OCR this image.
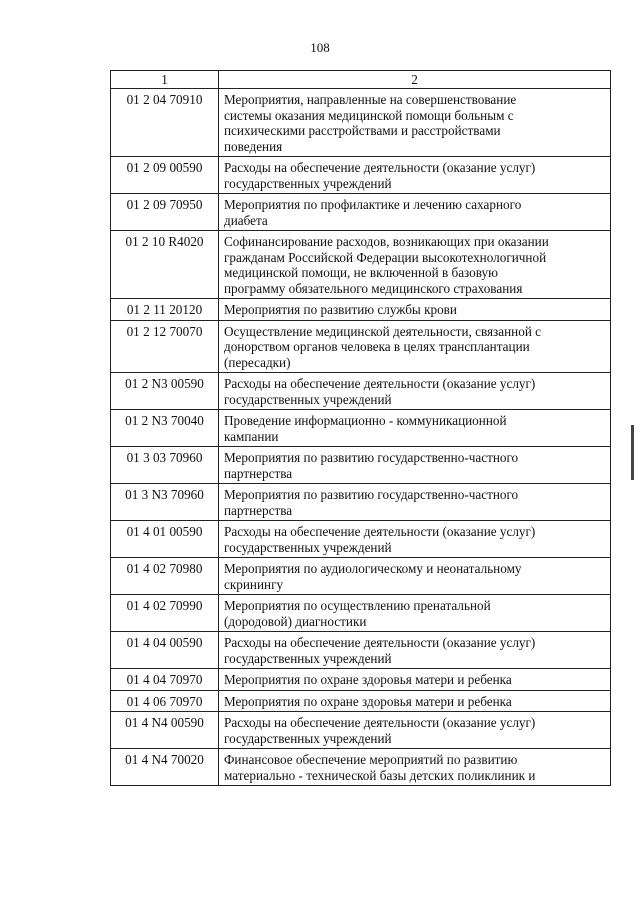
108
1	2
01 2 04 70910	Мероприятия, направленные на совершенствование
системы оказания медицинской помощи больным с
психическими расстройствами и расстройствами
поведения

01 2 09 00590	Расходы на обеспечение деятельности (оказание услуг)
государственных учреждений

01 2 09 70950	Мероприятия по профилактике и лечению сахарного
диабета

01 2 10 R4020	Софинансирование расходов, возникающих при оказании
гражданам Российской Федерации высокотехнологичной
медицинской помощи, не включенной в базовую
программу обязательного медицинского страхования

01 2 11 20120	Мероприятия по развитию службы крови

01 2 12 70070	Осуществление медицинской деятельности, связанной с
донорством органов человека в целях трансплантации
(пересадки)

01 2 N3 00590	Расходы на обеспечение деятельности (оказание услуг)
государственных учреждений

01 2 N3 70040	Проведение информационно - коммуникационной
кампании

01 3 03 70960	Мероприятия по развитию государственно-частного
партнерства

01 3 N3 70960	Мероприятия по развитию государственно-частного
партнерства

01 4 01 00590	Расходы на обеспечение деятельности (оказание услуг)
государственных учреждений

01 4 02 70980	Мероприятия по аудиологическому и неонатальному
скринингу

01 4 02 70990	Мероприятия по осуществлению пренатальной
(дородовой) диагностики

01 4 04 00590	Расходы на обеспечение деятельности (оказание услуг)
государственных учреждений

01 4 04 70970	Мероприятия по охране здоровья матери и ребенка

01 4 06 70970	Мероприятия по охране здоровья матери и ребенка

01 4 N4 00590	Расходы на обеспечение деятельности (оказание услуг)
государственных учреждений

01 4 N4 70020	Финансовое обеспечение мероприятий по развитию
материально - технической базы детских поликлиник и
